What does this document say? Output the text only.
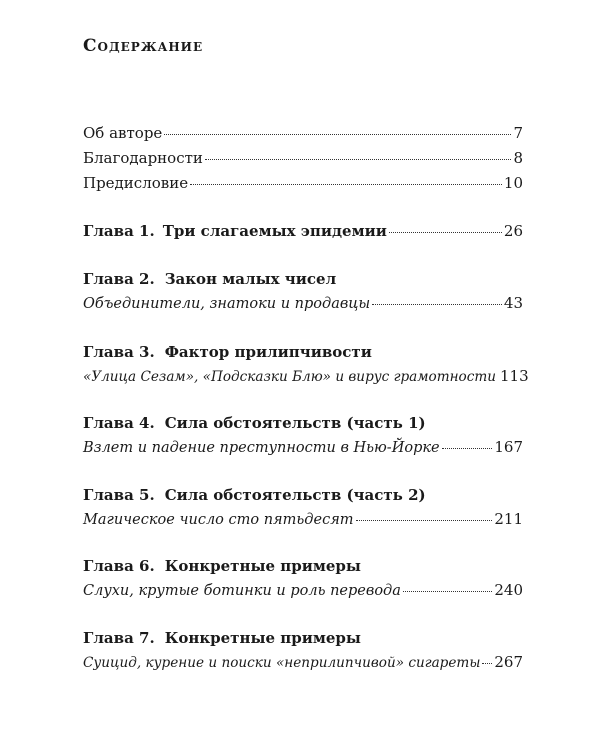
Содержание
Об авторе	7
Благодарности	8
Предисловие	10
Глава 1. Три слагаемых эпидемии	26
Глава 2. Закон малых чисел
Объединители, знатоки и продавцы	43
Глава 3. Фактор прилипчивости
«Улица Сезам», «Подсказки Блю» и вирус грамотности 113
Глава 4. Сила обстоятельств (часть 1)
Взлет и падение преступности в Нью-Йорке	167
Глава 5. Сила обстоятельств (часть 2)
Магическое число сто пятьдесят	211
Глава 6. Конкретные примеры
Слухи, крутые ботинки и роль перевода	240
Глава 7. Конкретные примеры
Суицид, курение и поиски «неприлипчивой» сигареты 267
